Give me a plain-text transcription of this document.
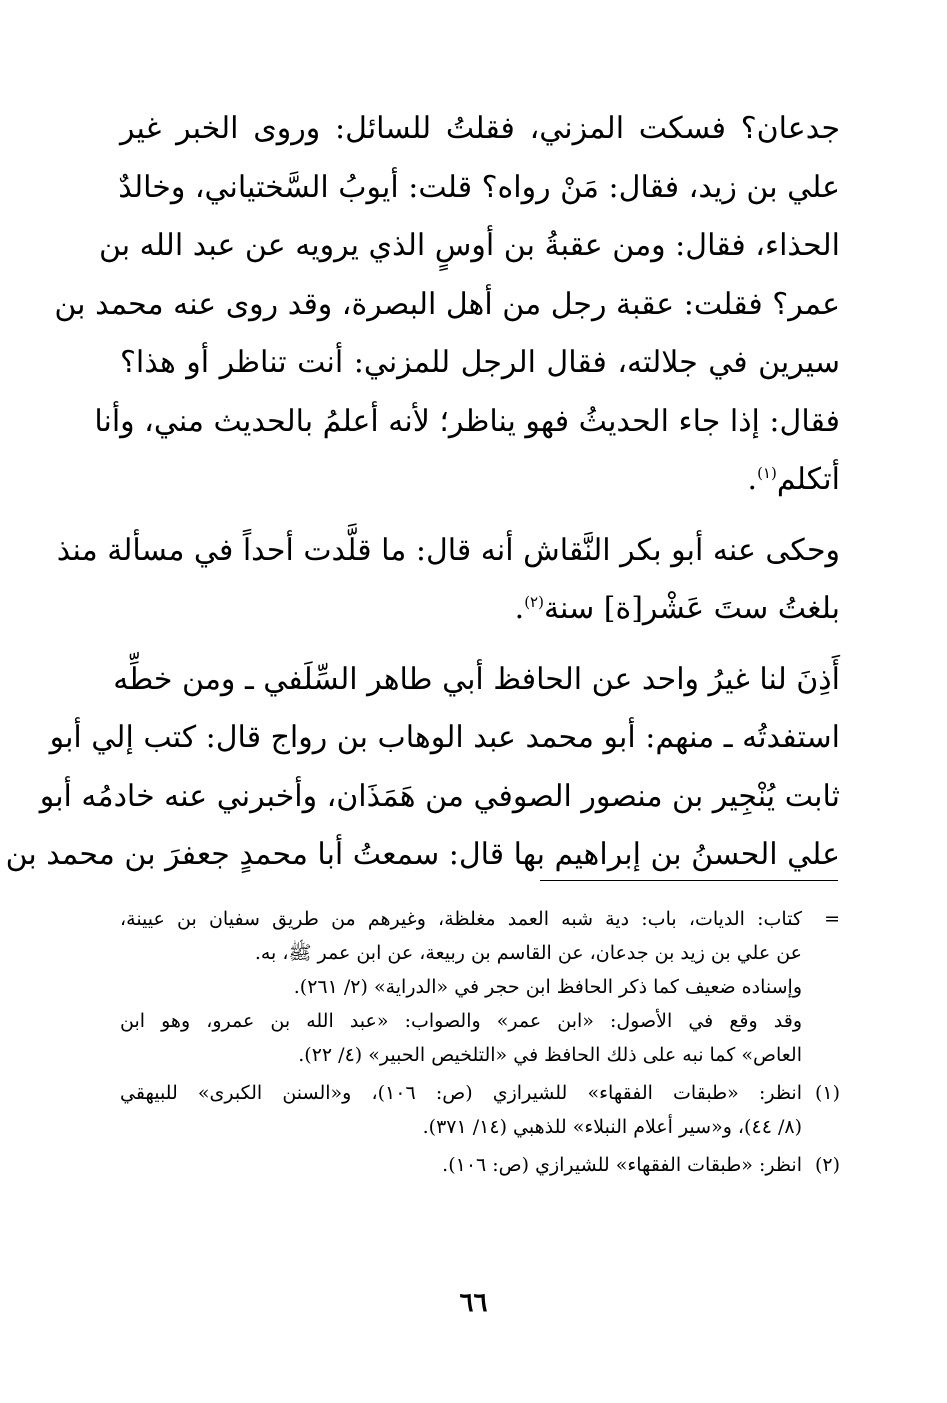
جدعان؟ فسكت المزني، فقلتُ للسائل: وروى الخبر غير
علي بن زيد، فقال: مَنْ رواه؟ قلت: أيوبُ السَّختياني، وخالدٌ
الحذاء، فقال: ومن عقبةُ بن أوسٍ الذي يرويه عن عبد الله بن
عمر؟ فقلت: عقبة رجل من أهل البصرة، وقد روى عنه محمد بن
سيرين في جلالته، فقال الرجل للمزني: أنت تناظر أو هذا؟
فقال: إذا جاء الحديثُ فهو يناظر؛ لأنه أعلمُ بالحديث مني، وأنا
أتكلم$^{(١)}$.
وحكى عنه أبو بكر النَّقاش أنه قال: ما قلَّدت أحداً في مسألة منذ
بلغتُ ستَ عَشْر[ة] سنة$^{(٢)}$.
أَذِنَ لنا غيرُ واحد عن الحافظ أبي طاهر السِّلَفي ـ ومن خطِّه
استفدتُه ـ منهم: أبو محمد عبد الوهاب بن رواج قال: كتب إلي أبو
ثابت يُنْجِير بن منصور الصوفي من هَمَذَان، وأخبرني عنه خادمُه أبو
علي الحسنُ بن إبراهيم بها قال: سمعتُ أبا محمدٍ جعفرَ بن محمد بن
=كتاب: الديات، باب: دية شبه العمد مغلظة، وغيرهم من طريق سفيان بن عيينة،
عن علي بن زيد بن جدعان، عن القاسم بن ربيعة، عن ابن عمر ﷺ، به.
وإسناده ضعيف كما ذكر الحافظ ابن حجر في «الدراية» (٢/ ٢٦١).
وقد وقع في الأصول: «ابن عمر» والصواب: «عبد الله بن عمرو، وهو ابن
العاص» كما نبه على ذلك الحافظ في «التلخيص الحبير» (٤/ ٢٢).
(١)انظر: «طبقات الفقهاء» للشيرازي (ص: ١٠٦)، و«السنن الكبرى» للبيهقي
(٨/ ٤٤)، و«سير أعلام النبلاء» للذهبي (١٤/ ٣٧١).
(٢)انظر: «طبقات الفقهاء» للشيرازي (ص: ١٠٦).
٦٦
